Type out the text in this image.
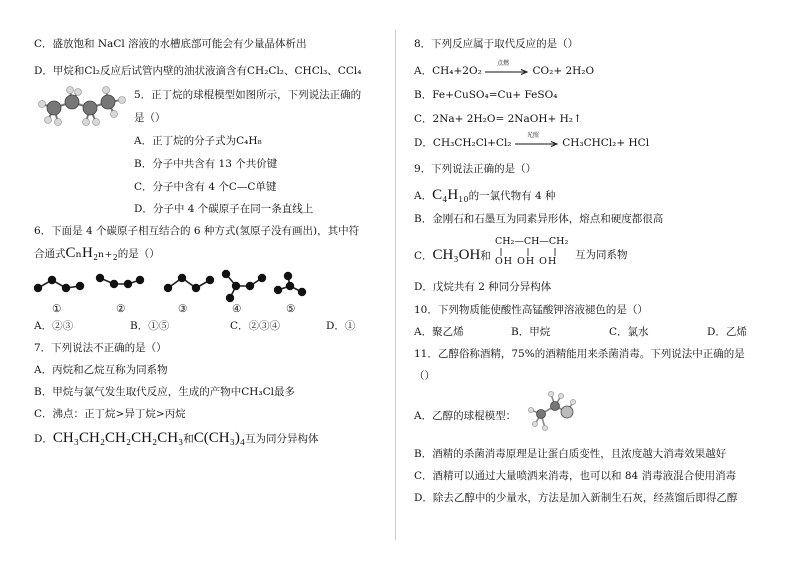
C．盛放饱和 NaCl 溶液的水槽底部可能会有少量晶体析出
D．甲烷和Cl₂反应后试管内壁的油状液滴含有CH₂Cl₂、CHCl₃、CCl₄
5．正丁烷的球棍模型如图所示，下列说法正确的
是（）
A．正丁烷的分子式为C₄H₈
B．分子中共含有 13 个共价键
C．分子中含有 4 个C—C单键
D．分子中 4 个碳原子在同一条直线上
6．下面是 4 个碳原子相互结合的 6 种方式(氢原子没有画出)，其中符
合通式CₙH₂ₙ₊₂的是（）
①	②	③	④	⑤
A．②③	B．①⑤	C．②③④	D．①
7．下列说法不正确的是（）
A．丙烷和乙烷互称为同系物
B．甲烷与氯气发生取代反应，生成的产物中CH₃Cl最多
C．沸点：正丁烷>异丁烷>丙烷
D．CH₃CH₂CH₂CH₂CH₃和C(CH₃)₄互为同分异构体
8．下列反应属于取代反应的是（）
A．CH₄+2O₂
点燃
CO₂+ 2H₂O
B．Fe+CuSO₄=Cu+ FeSO₄
C．2Na+ 2H₂O= 2NaOH+ H₂↑
D．CH₃CH₂Cl+Cl₂
光照
CH₃CHCl₂+ HCl
9．下列说法正确的是（）
A．C₄H₁₀的一氯代物有 4 种
B．金刚石和石墨互为同素异形体，熔点和硬度都很高
C．CH₃OH和
CH₂—CH—CH₂
OH OH OH
互为同系物
D．戊烷共有 2 种同分异构体
10．下列物质能使酸性高锰酸钾溶液褪色的是（）
A．聚乙烯	B．甲烷	C．氯水	D．乙烯
11．乙醇俗称酒精，75%的酒精能用来杀菌消毒。下列说法中正确的是
（）
A．乙醇的球棍模型：
B．酒精的杀菌消毒原理是让蛋白质变性，且浓度越大消毒效果越好
C．酒精可以通过大量喷洒来消毒，也可以和 84 消毒液混合使用消毒
D．除去乙醇中的少量水，方法是加入新制生石灰，经蒸馏后即得乙醇
